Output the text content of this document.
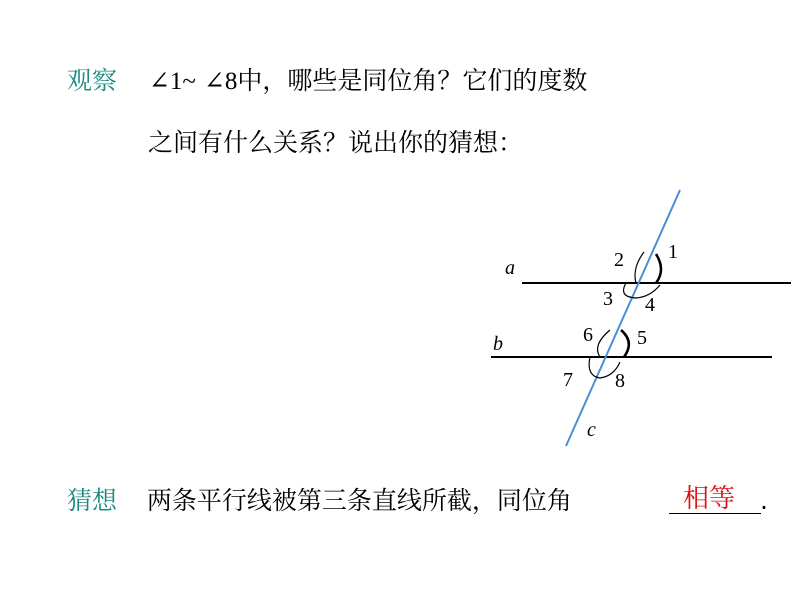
观察 ∠1~ ∠8中，哪些是同位角？它们的度数
之间有什么关系？说出你的猜想：
a
b
c
1
2
3 4
5
6
7 8
猜想 两条平行线被第三条直线所截，同位角	相等 .
